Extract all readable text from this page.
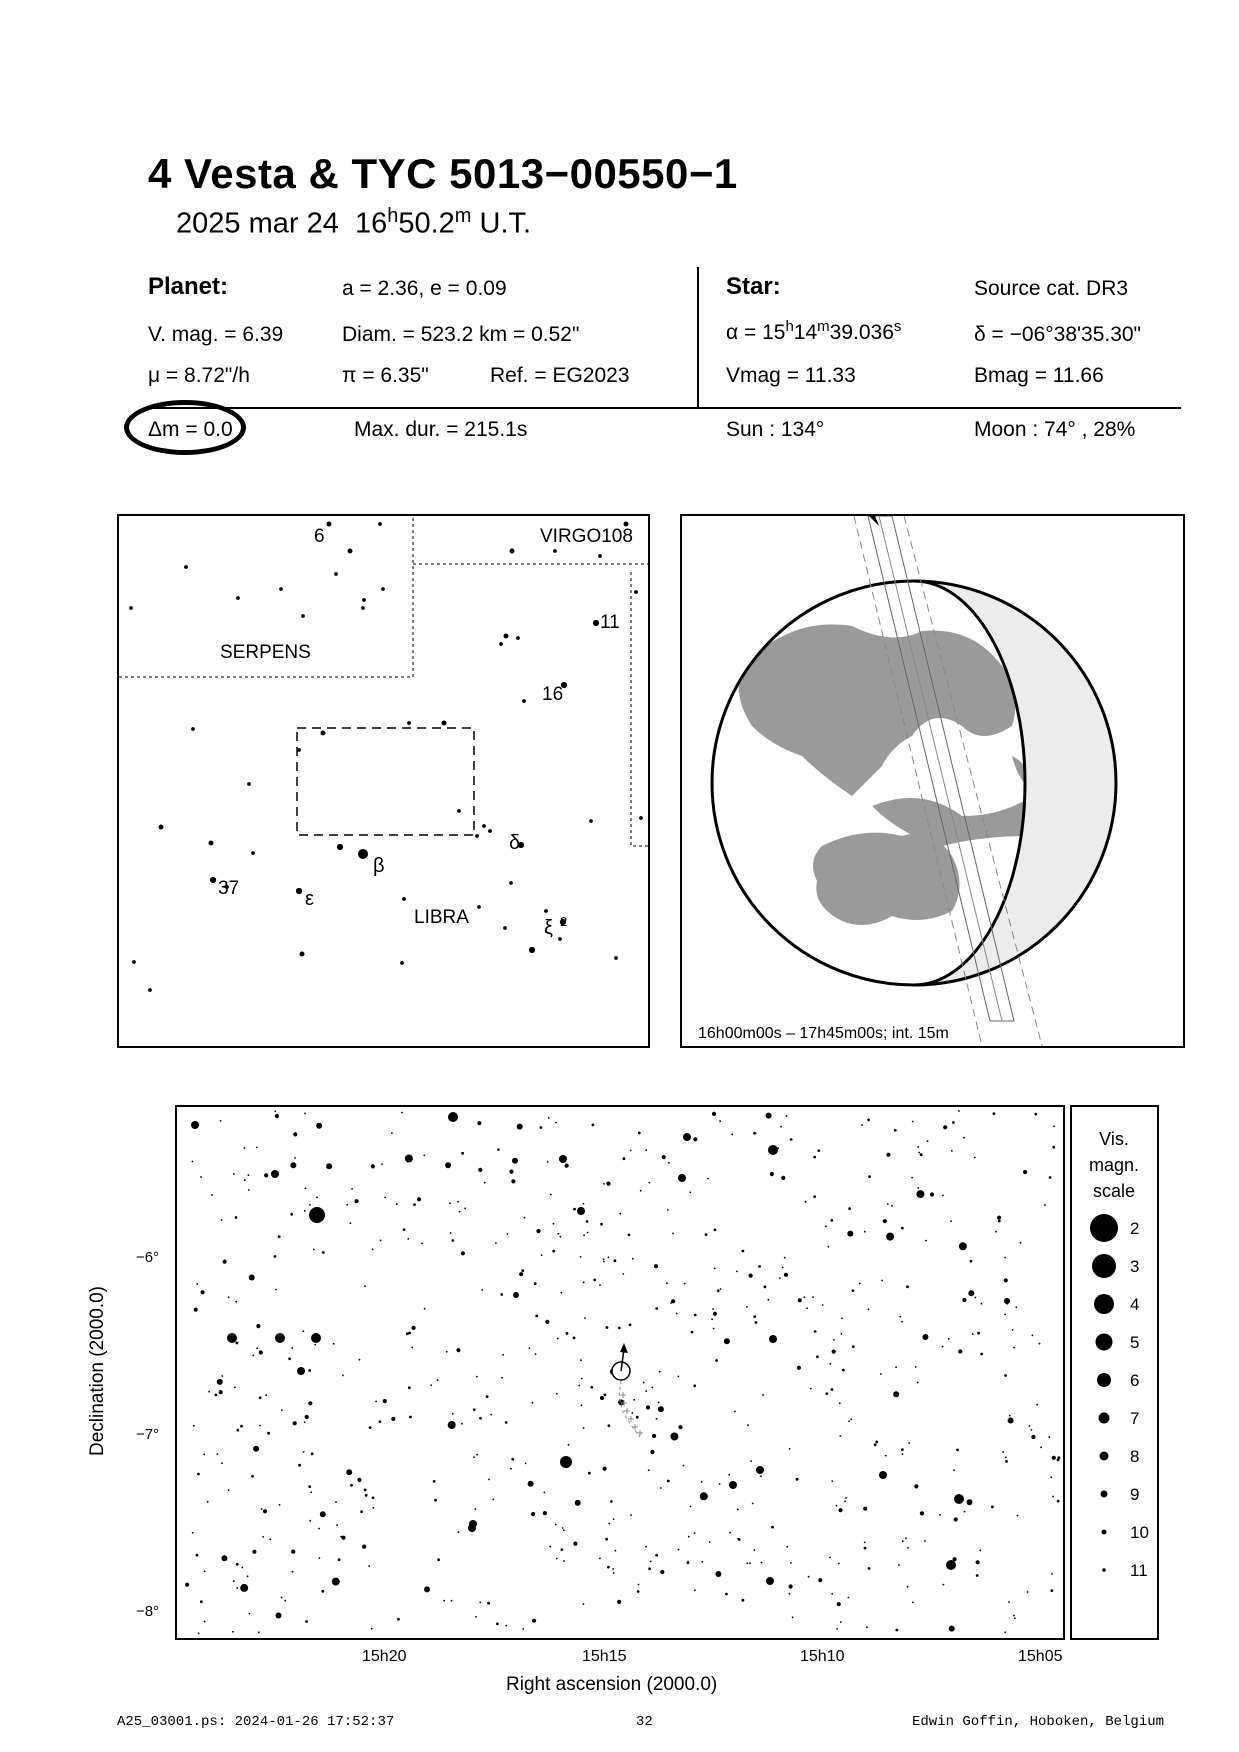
4 Vesta & TYC 5013−00550−1
2025 mar 24 16$^h$50.2$^m$ U.T.
Planet:	a = 2.36, e = 0.09
V. mag. = 6.39	Diam. = 523.2 km = 0.52"
μ = 8.72"/h	π = 6.35"	Ref. = EG2023
Star:	Source cat. DR3
$\alpha = 15^h14^m39.036^s$	δ = −06°38'35.30"
Vmag = 11.33	Bmag = 11.66
Δm = 0.0	Max. dur. = 215.1s	Sun : 134°	Moon : 74° , 28%
6	VIRGO108
11
SERPENS
16
δ
β
37	ε
LIBRA	ξ 2
16h00m00s – 17h45m00s; int. 15m
−6°
−7°
−8°
15h20	15h15	15h10	15h05
Right ascension (2000.0)
Declination (2000.0)
Vis.
magn.
scale
2
3
4
5
6
7
8
9
10
11
A25_03001.ps: 2024-01-26 17:52:37	32	Edwin Goffin, Hoboken, Belgium
